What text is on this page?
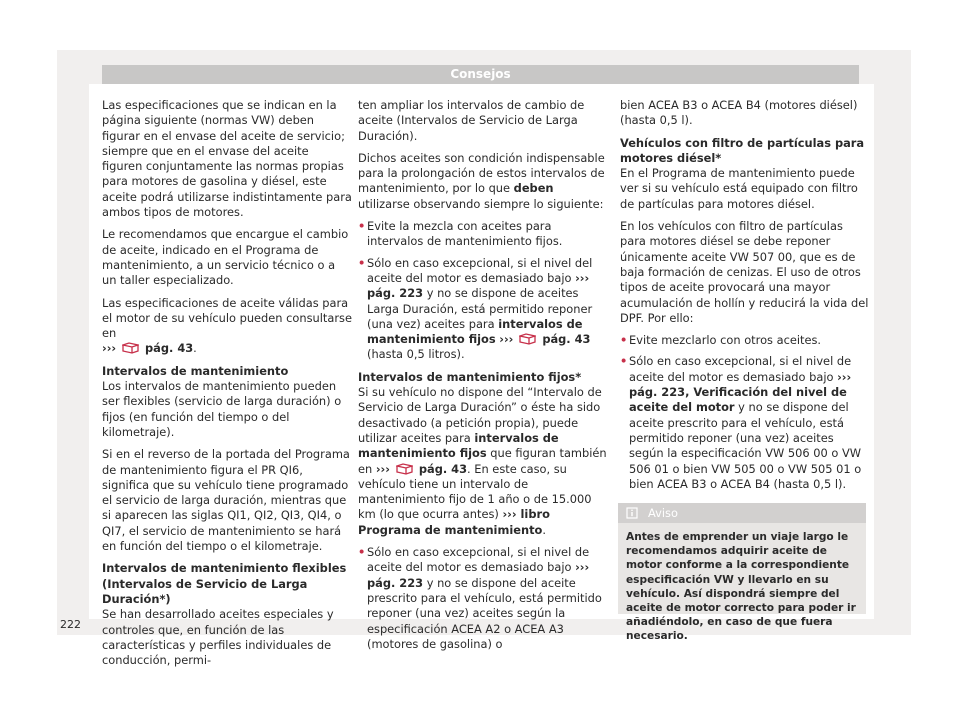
Consejos

Las especificaciones que se indican en la página siguiente (normas VW) deben figurar en el envase del aceite de servicio; siempre que en el envase del aceite figuren conjuntamente las normas propias para motores de gasolina y diésel, este aceite podrá utilizarse indistintamente para ambos tipos de motores.

Le recomendamos que encargue el cambio de aceite, indicado en el Programa de mantenimiento, a un servicio técnico o a un taller especializado.

Las especificaciones de aceite válidas para el motor de su vehículo pueden consultarse en
›››	pág. 43.

Intervalos de mantenimiento

Los intervalos de mantenimiento pueden ser flexibles (servicio de larga duración) o fijos (en función del tiempo o del kilometraje).

Si en el reverso de la portada del Programa de mantenimiento figura el PR QI6, significa que su vehículo tiene programado el servicio de larga duración, mientras que si aparecen las siglas QI1, QI2, QI3, QI4, o QI7, el servicio de mantenimiento se hará en función del tiempo o el kilometraje.

Intervalos de mantenimiento flexibles (Intervalos de Servicio de Larga Duración*)

Se han desarrollado aceites especiales y controles que, en función de las características y perfiles individuales de conducción, permi-

ten ampliar los intervalos de cambio de aceite (Intervalos de Servicio de Larga Duración).

Dichos aceites son condición indispensable para la prolongación de estos intervalos de mantenimiento, por lo que deben utilizarse observando siempre lo siguiente:

• Evite la mezcla con aceites para intervalos de mantenimiento fijos.
• Sólo en caso excepcional, si el nivel del aceite del motor es demasiado bajo ››› pág. 223 y no se dispone de aceites Larga Duración, está permitido reponer (una vez) aceites para intervalos de mantenimiento fijos ›››	pág. 43 (hasta 0,5 litros).
Intervalos de mantenimiento fijos*

Si su vehículo no dispone del “Intervalo de Servicio de Larga Duración” o éste ha sido desactivado (a petición propia), puede utilizar aceites para intervalos de mantenimiento fijos que figuran también en ›››	pág. 43. En este caso, su vehículo tiene un intervalo de mantenimiento fijo de 1 año o de 15.000 km (lo que ocurra antes) ››› libro Programa de mantenimiento.

• Sólo en caso excepcional, si el nivel de aceite del motor es demasiado bajo ››› pág. 223 y no se dispone del aceite prescrito para el vehículo, está permitido reponer (una vez) aceites según la especificación ACEA A2 o ACEA A3 (motores de gasolina) o

bien ACEA B3 o ACEA B4 (motores diésel) (hasta 0,5 l).

Vehículos con filtro de partículas para motores diésel*

En el Programa de mantenimiento puede ver si su vehículo está equipado con filtro de partículas para motores diésel.

En los vehículos con filtro de partículas para motores diésel se debe reponer únicamente aceite VW 507 00, que es de baja formación de cenizas. El uso de otros tipos de aceite provocará una mayor acumulación de hollín y reducirá la vida del DPF. Por ello:

• Evite mezclarlo con otros aceites.
• Sólo en caso excepcional, si el nivel de aceite del motor es demasiado bajo ››› pág. 223, Verificación del nivel de aceite del motor y no se dispone del aceite prescrito para el vehículo, está permitido reponer (una vez) aceites según la especificación VW 506 00 o VW 506 01 o bien VW 505 00 o VW 505 01 o bien ACEA B3 o ACEA B4 (hasta 0,5 l).
Aviso
Antes de emprender un viaje largo le recomendamos adquirir aceite de motor conforme a la correspondiente especificación VW y llevarlo en su vehículo. Así dispondrá siempre del aceite de motor correcto para poder ir añadiéndolo, en caso de que fuera necesario.
222
